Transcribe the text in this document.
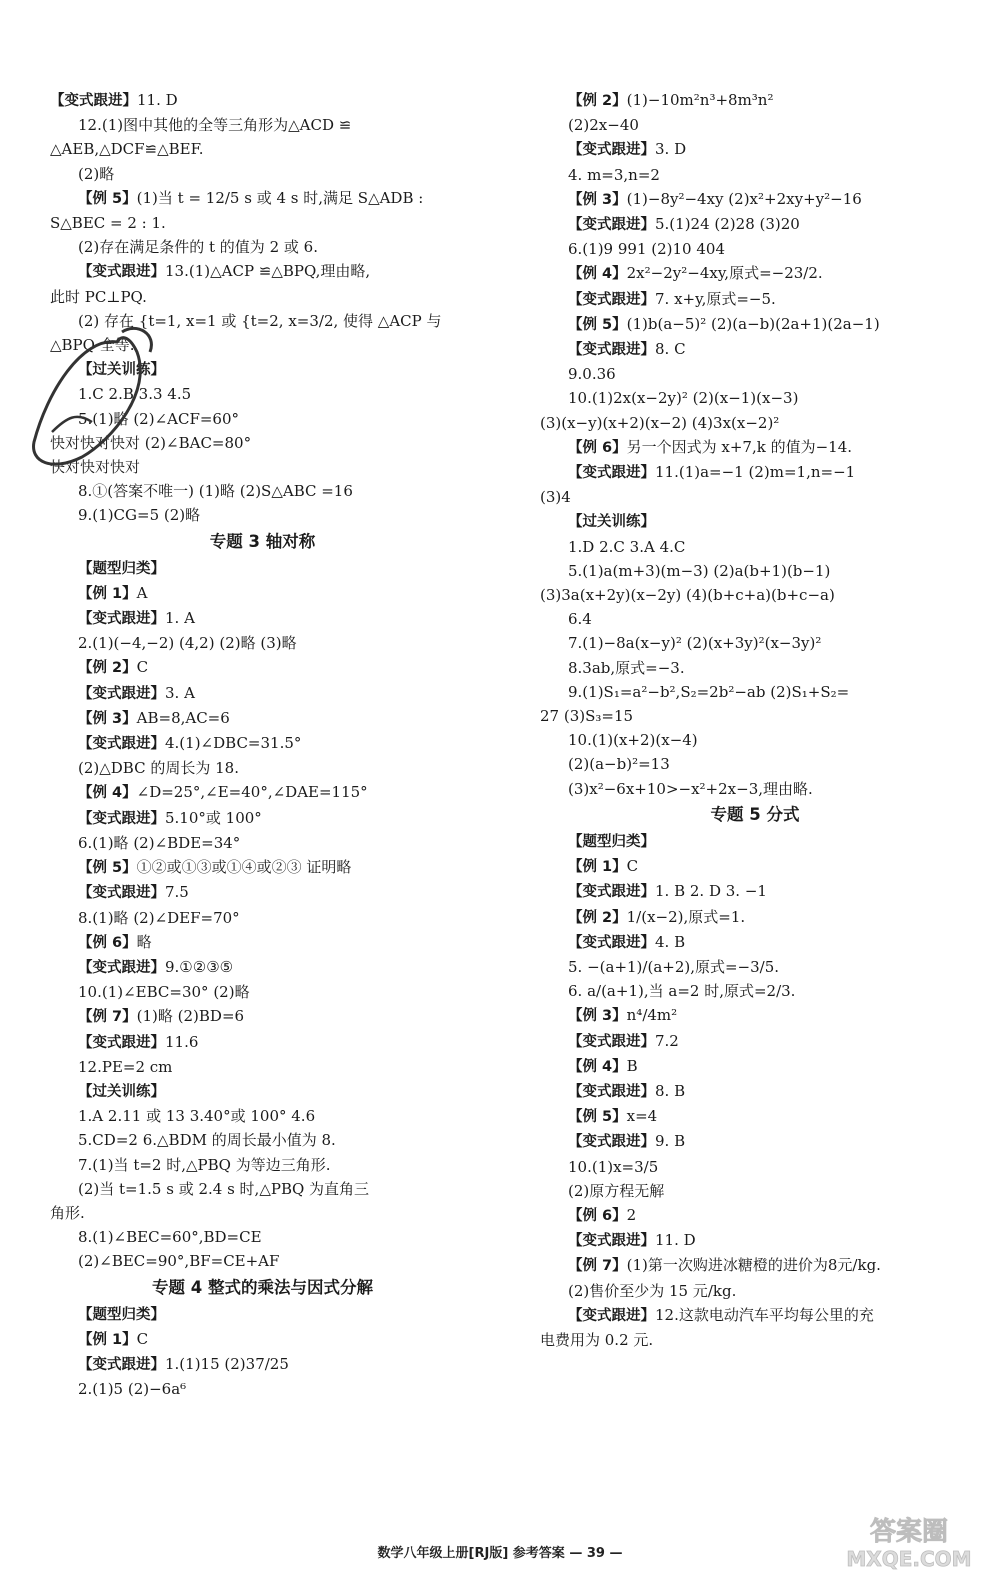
【变式跟进】11. D
12.(1)图中其他的全等三角形为△ACD ≌
△AEB,△DCF≌△BEF.
(2)略
【例 5】(1)当 t = 12/5 s 或 4 s 时,满足 S△ADB :
S△BEC = 2 : 1.
(2)存在满足条件的 t 的值为 2 或 6.
【变式跟进】13.(1)△ACP ≌△BPQ,理由略,
此时 PC⊥PQ.
(2) 存在 {t=1, x=1 或 {t=2, x=3/2, 使得 △ACP 与
△BPQ 全等.
【过关训练】
1.C 2.B 3.3 4.5
5.(1)略 (2)∠ACF=60°
快对快对快对 (2)∠BAC=80°
快对快对快对
8.①(答案不唯一) (1)略 (2)S△ABC =16
9.(1)CG=5 (2)略
专题 3 轴对称
【题型归类】
【例 1】A
【变式跟进】1. A
2.(1)(−4,−2) (4,2) (2)略 (3)略
【例 2】C
【变式跟进】3. A
【例 3】AB=8,AC=6
【变式跟进】4.(1)∠DBC=31.5°
(2)△DBC 的周长为 18.
【例 4】∠D=25°,∠E=40°,∠DAE=115°
【变式跟进】5.10°或 100°
6.(1)略 (2)∠BDE=34°
【例 5】①②或①③或①④或②③ 证明略
【变式跟进】7.5
8.(1)略 (2)∠DEF=70°
【例 6】略
【变式跟进】9.①②③⑤
10.(1)∠EBC=30° (2)略
【例 7】(1)略 (2)BD=6
【变式跟进】11.6
12.PE=2 cm
【过关训练】
1.A 2.11 或 13 3.40°或 100° 4.6
5.CD=2 6.△BDM 的周长最小值为 8.
7.(1)当 t=2 时,△PBQ 为等边三角形.
(2)当 t=1.5 s 或 2.4 s 时,△PBQ 为直角三
角形.
8.(1)∠BEC=60°,BD=CE
(2)∠BEC=90°,BF=CE+AF
专题 4 整式的乘法与因式分解
【题型归类】
【例 1】C
【变式跟进】1.(1)15 (2)37/25
2.(1)5 (2)−6a⁶
【例 2】(1)−10m²n³+8m³n²
(2)2x−40
【变式跟进】3. D
4. m=3,n=2
【例 3】(1)−8y²−4xy (2)x²+2xy+y²−16
【变式跟进】5.(1)24 (2)28 (3)20
6.(1)9 991 (2)10 404
【例 4】2x²−2y²−4xy,原式=−23/2.
【变式跟进】7. x+y,原式=−5.
【例 5】(1)b(a−5)² (2)(a−b)(2a+1)(2a−1)
【变式跟进】8. C
9.0.36
10.(1)2x(x−2y)² (2)(x−1)(x−3)
(3)(x−y)(x+2)(x−2) (4)3x(x−2)²
【例 6】另一个因式为 x+7,k 的值为−14.
【变式跟进】11.(1)a=−1 (2)m=1,n=−1
(3)4
【过关训练】
1.D 2.C 3.A 4.C
5.(1)a(m+3)(m−3) (2)a(b+1)(b−1)
(3)3a(x+2y)(x−2y) (4)(b+c+a)(b+c−a)
6.4
7.(1)−8a(x−y)² (2)(x+3y)²(x−3y)²
8.3ab,原式=−3.
9.(1)S₁=a²−b²,S₂=2b²−ab (2)S₁+S₂=
27 (3)S₃=15
10.(1)(x+2)(x−4)
(2)(a−b)²=13
(3)x²−6x+10>−x²+2x−3,理由略.
专题 5 分式
【题型归类】
【例 1】C
【变式跟进】1. B 2. D 3. −1
【例 2】1/(x−2),原式=1.
【变式跟进】4. B
5. −(a+1)/(a+2),原式=−3/5.
6. a/(a+1),当 a=2 时,原式=2/3.
【例 3】n⁴/4m²
【变式跟进】7.2
【例 4】B
【变式跟进】8. B
【例 5】x=4
【变式跟进】9. B
10.(1)x=3/5
(2)原方程无解
【例 6】2
【变式跟进】11. D
【例 7】(1)第一次购进冰糖橙的进价为8元/kg.
(2)售价至少为 15 元/kg.
【变式跟进】12.这款电动汽车平均每公里的充
电费用为 0.2 元.
数学八年级上册[RJ版] 参考答案 — 39 —
答案圈
MXQE.COM
